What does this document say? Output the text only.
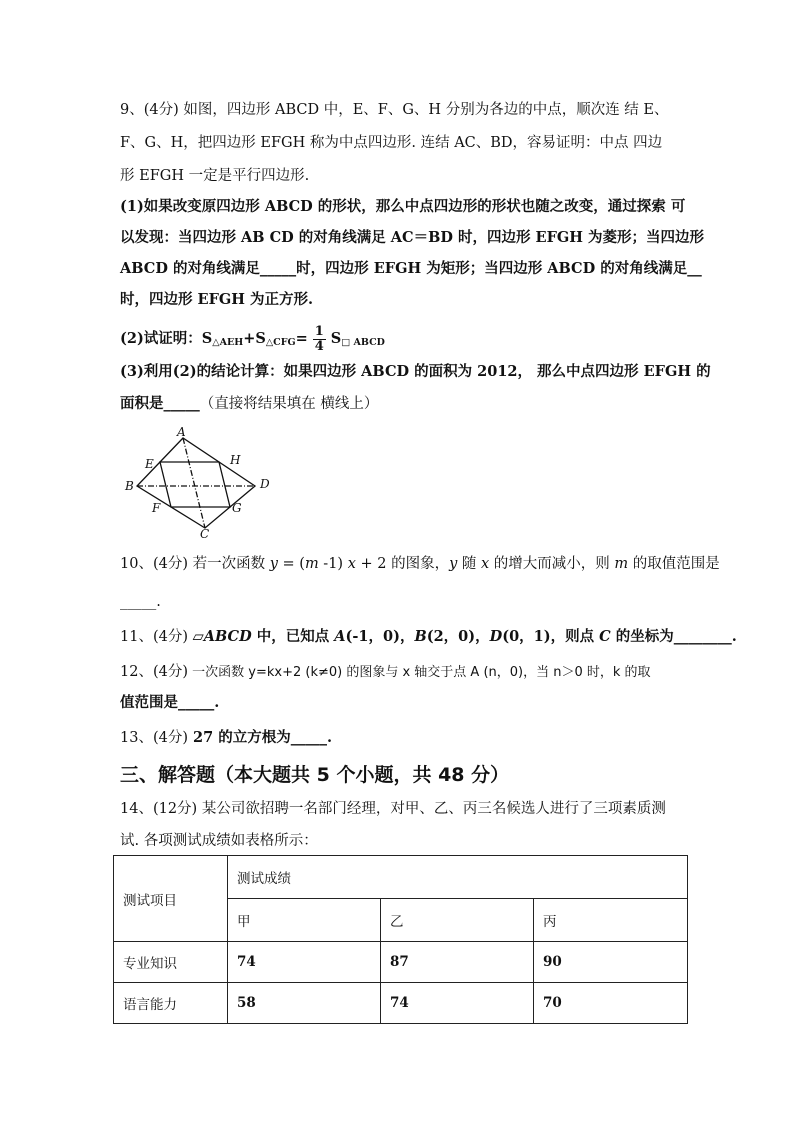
9、(4分) 如图，四边形 ABCD 中，E、F、G、H 分别为各边的中点，顺次连 结 E、
F、G、H，把四边形 EFGH 称为中点四边形. 连结 AC、BD，容易证明：中点 四边
形 EFGH 一定是平行四边形.
(1)如果改变原四边形 ABCD 的形状，那么中点四边形的形状也随之改变，通过探索 可
以发现：当四边形 AB CD 的对角线满足 AC＝BD 时，四边形 EFGH 为菱形；当四边形
ABCD 的对角线满足_____时，四边形 EFGH 为矩形；当四边形 ABCD 的对角线满足__
时，四边形 EFGH 为正方形.
(2)试证明：$S_{\triangle AEH}+S_{\triangle CFG}= \frac{1}{4} S_{□ ABCD}$
(3)利用(2)的结论计算：如果四边形 ABCD 的面积为 2012， 那么中点四边形 EFGH 的
面积是_____（直接将结果填在 横线上）
A
B
C
D
E
F	G
H
10、(4分) 若一次函数 y = (m -1) x + 2 的图象，y 随 x 的增大而减小，则 m 的取值范围是
_____.
11、(4分) ▱ABCD 中，已知点 A(-1，0)，B(2，0)，D(0，1)，则点 C 的坐标为________.
12、(4分) 一次函数 y=kx+2 (k≠0) 的图象与 x 轴交于点 A (n，0)，当 n＞0 时，k 的取
值范围是_____.
13、(4分) 27 的立方根为_____.
三、解答题（本大题共 5 个小题，共 48 分）
14、(12分) 某公司欲招聘一名部门经理，对甲、乙、丙三名候选人进行了三项素质测
试. 各项测试成绩如表格所示：
测试项目	测试成绩		
	甲	乙	丙
专业知识	74	87	90
语言能力	58	74	70
